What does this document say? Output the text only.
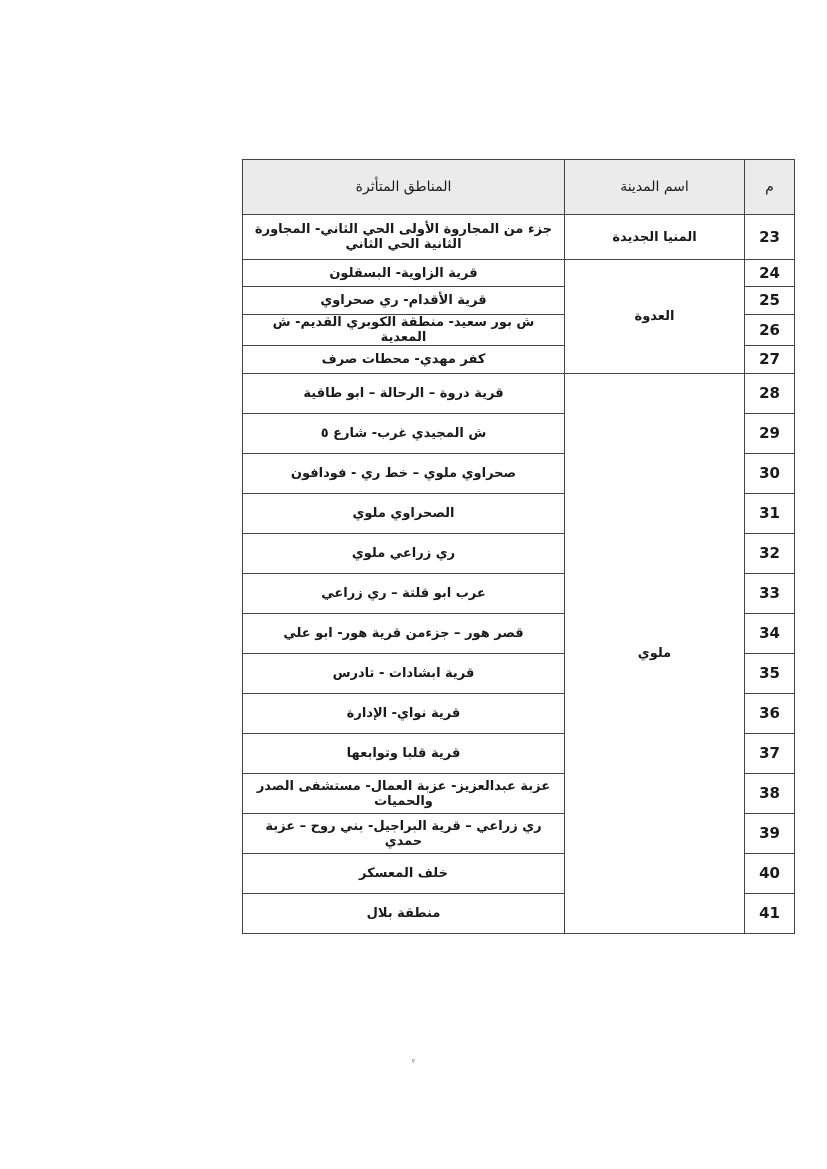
م	اسم المدينة	المناطق المتأثرة
23	المنيا الجديدة	جزء من المجاروة الأولى الحي الثاني- المجاورة الثانية الحي الثاني
24	العدوة	قرية الزاوية- البسقلون
25		قرية الأقدام- ري صحراوي
26		ش بور سعيد- منطقة الكوبري القديم- ش المعدية
27		كفر مهدي- محطات صرف
28	ملوي	قرية دروة – الرحالة – ابو طاقية
29		ش المجيدي غرب- شارع ٥
30		صحراوي ملوي – خط ري - فودافون
31		الصحراوي ملوي
32		ري زراعي ملوي
33		عرب ابو قلتة – ري زراعي
34		قصر هور – جزءمن قرية هور- ابو علي
35		قرية ابشادات - تادرس
36		قرية نواي- الإدارة
37		قرية قلبا وتوابعها
38		عزبة عبدالعزيز- عزبة العمال- مستشفى الصدر والحميات
39		ري زراعي – قرية البراجيل- بني روح – عزبة حمدي
40		خلف المعسكر
41		منطقة بلال
٢
